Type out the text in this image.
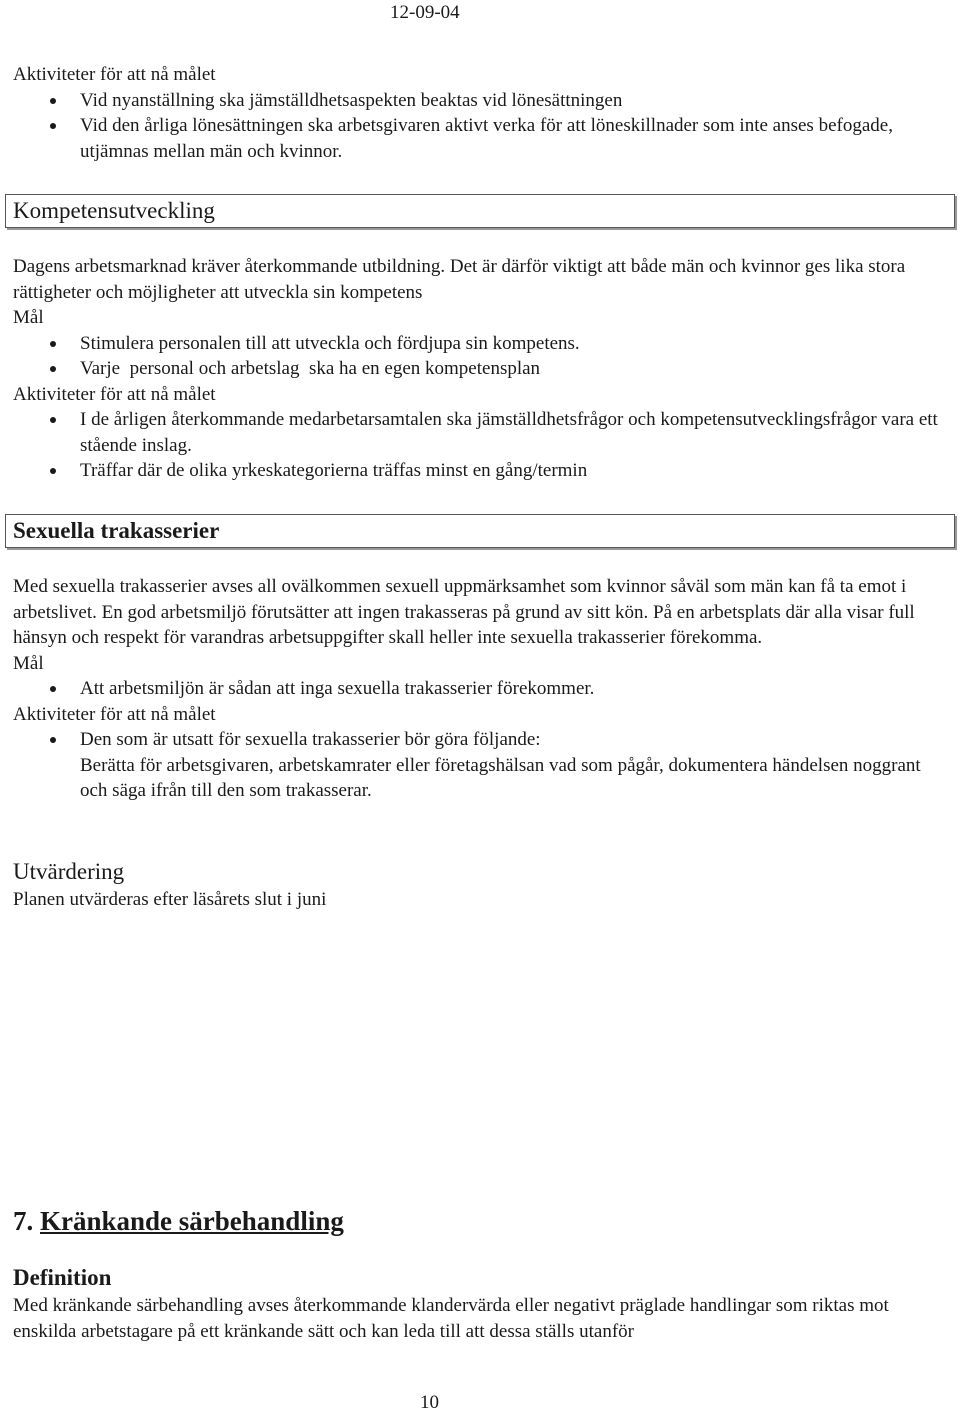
12-09-04

Aktiviteter för att nå målet

Vid nyanställning ska jämställdhetsaspekten beaktas vid lönesättningen
Vid den årliga lönesättningen ska arbetsgivaren aktivt verka för att löneskillnader som inte anses befogade, utjämnas mellan män och kvinnor.
Kompetensutveckling

Dagens arbetsmarknad kräver återkommande utbildning. Det är därför viktigt att både män och kvinnor ges lika stora rättigheter och möjligheter att utveckla sin kompetens

Mål

Stimulera personalen till att utveckla och fördjupa sin kompetens.
Varje  personal och arbetslag  ska ha en egen kompetensplan

Aktiviteter för att nå målet

I de årligen återkommande medarbetarsamtalen ska jämställdhetsfrågor och kompetensutvecklingsfrågor vara ett stående inslag.
Träffar där de olika yrkeskategorierna träffas minst en gång/termin
Sexuella trakasserier

Med sexuella trakasserier avses all ovälkommen sexuell uppmärksamhet som kvinnor såväl som män kan få ta emot i arbetslivet. En god arbetsmiljö förutsätter att ingen trakasseras på grund av sitt kön. På en arbetsplats där alla visar full hänsyn och respekt för varandras arbetsuppgifter skall heller inte sexuella trakasserier förekomma.

Mål

Att arbetsmiljön är sådan att inga sexuella trakasserier förekommer.

Aktiviteter för att nå målet

Den som är utsatt för sexuella trakasserier bör göra följande:
Berätta för arbetsgivaren, arbetskamrater eller företagshälsan vad som pågår, dokumentera händelsen noggrant och säga ifrån till den som trakasserar.

Utvärdering

Planen utvärderas efter läsårets slut i juni

7. Kränkande särbehandling

Definition

Med kränkande särbehandling avses återkommande klandervärda eller negativt präglade handlingar som riktas mot enskilda arbetstagare på ett kränkande sätt och kan leda till att dessa ställs utanför

10
